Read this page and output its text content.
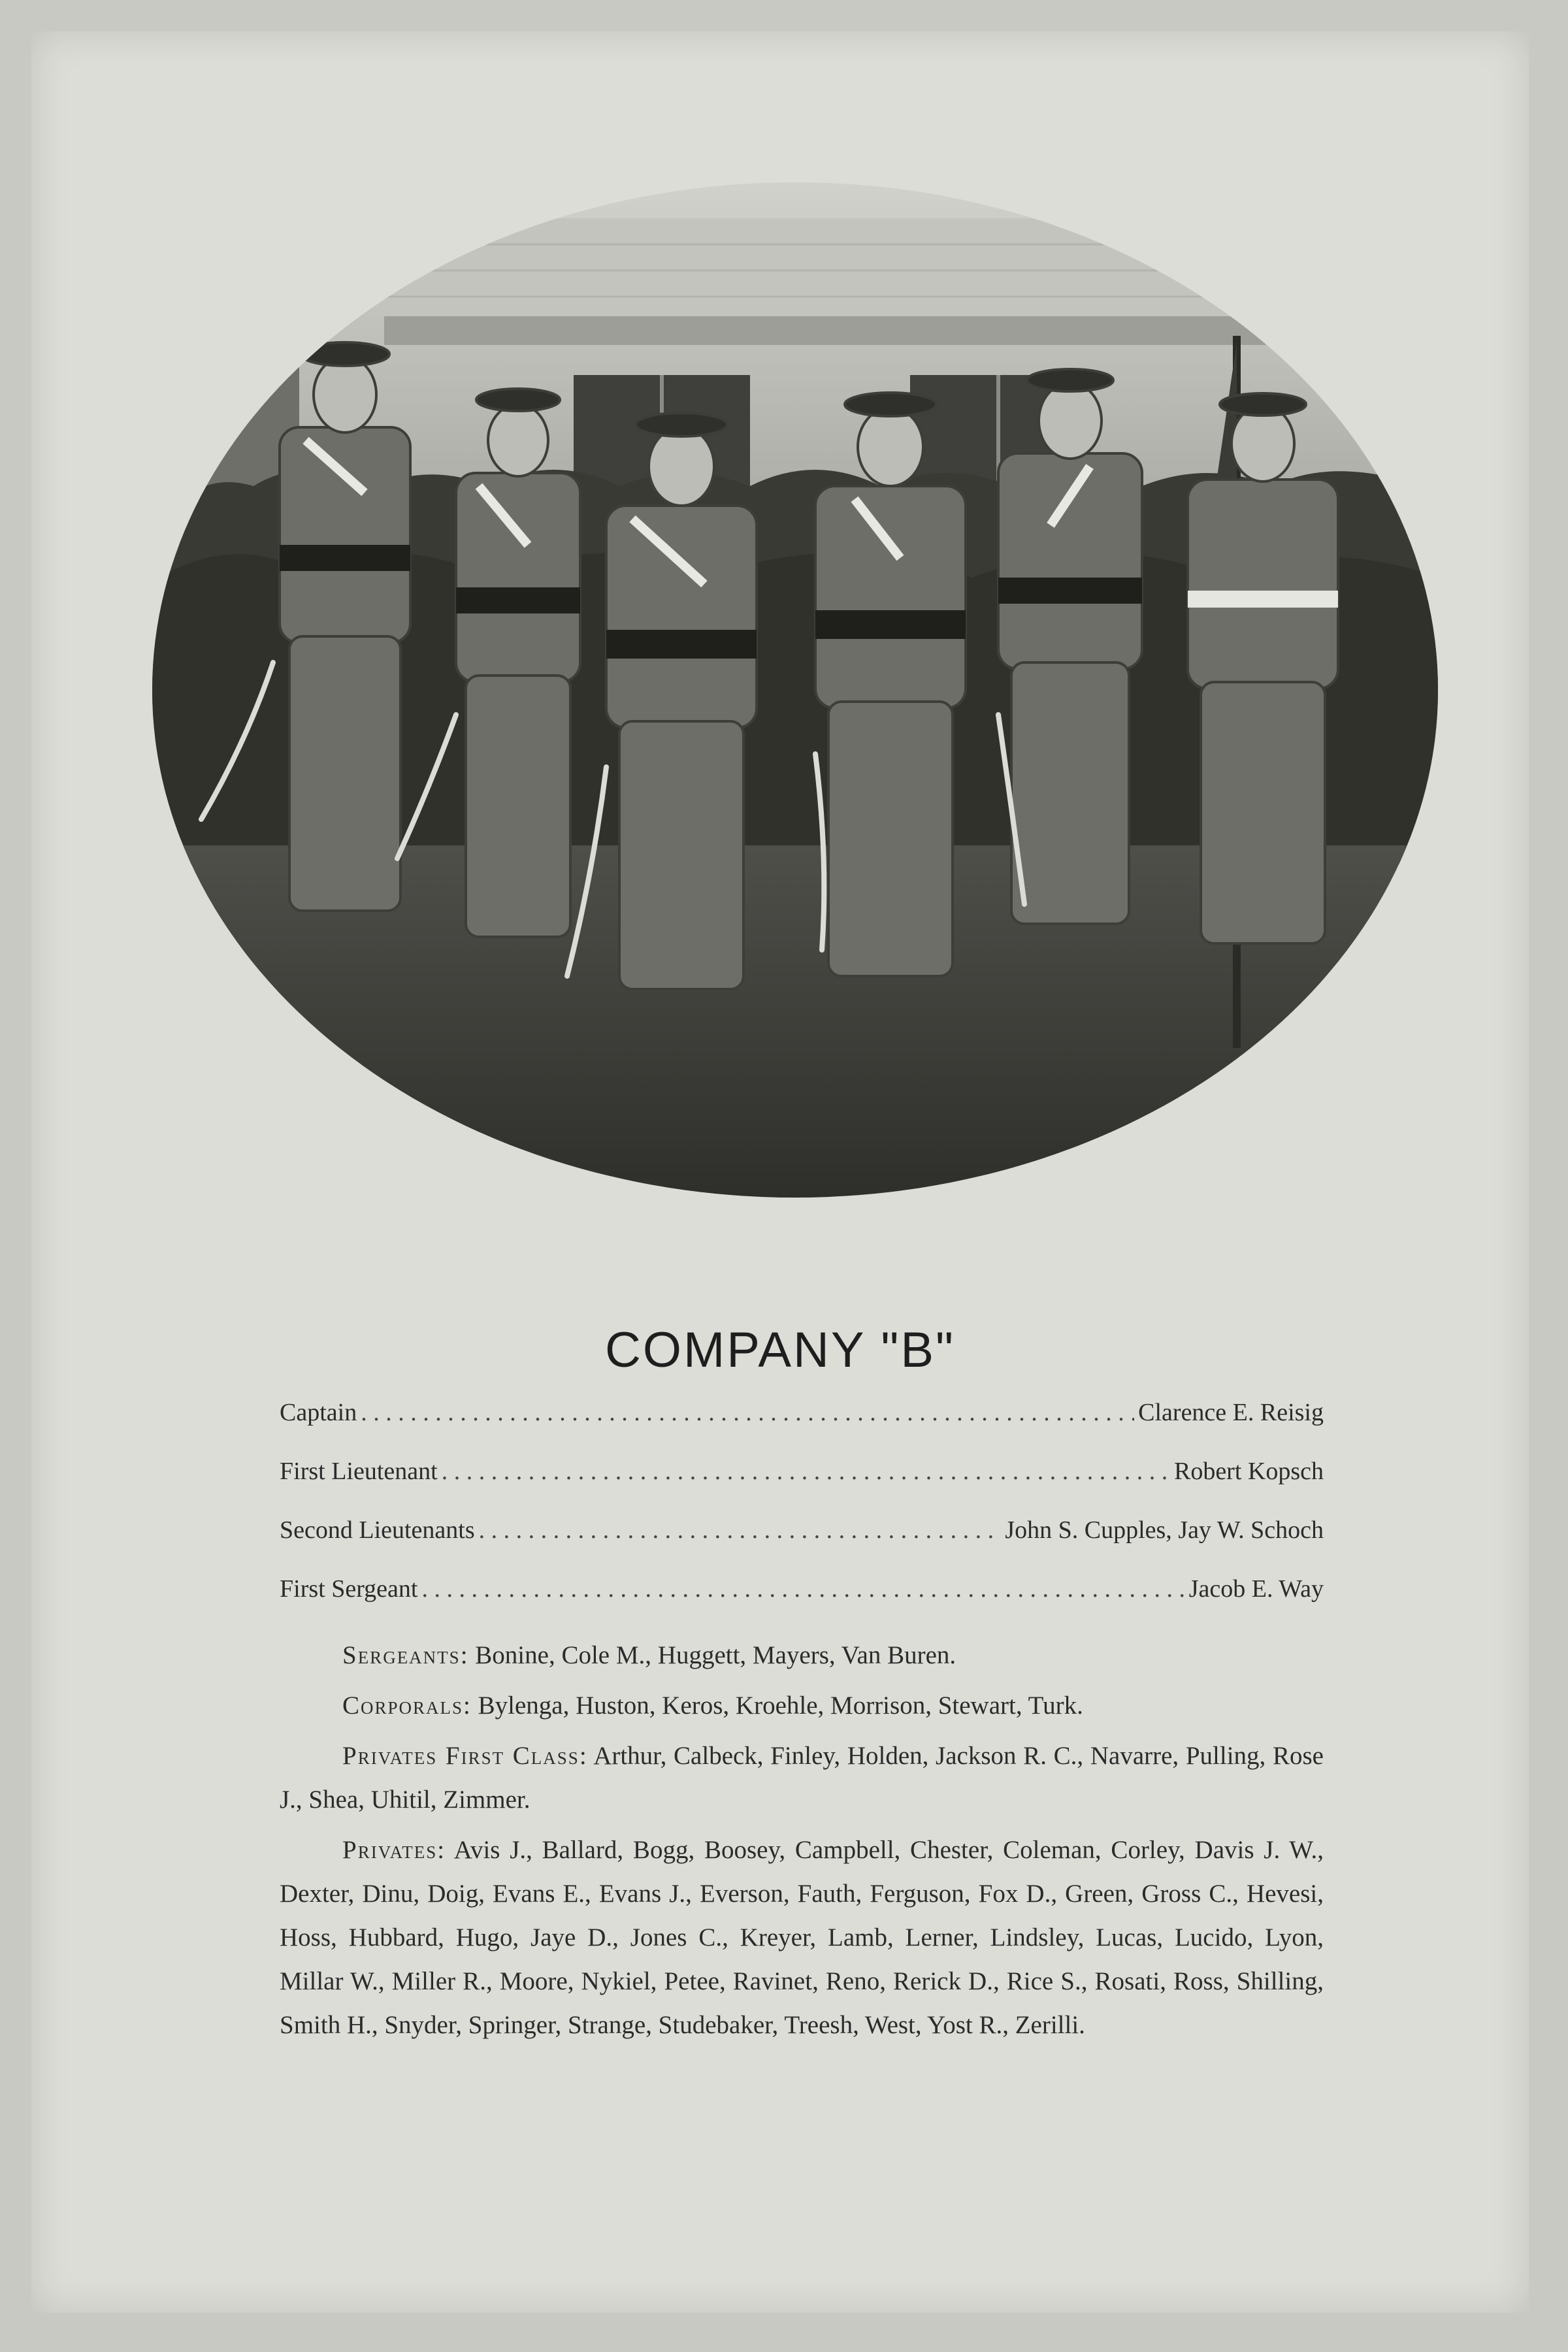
COMPANY "B"
Captain . . .	Clarence E. Reisig
First Lieutenant . . .	Robert Kopsch
Second Lieutenants . . .	John S. Cupples, Jay W. Schoch
First Sergeant . . .	Jacob E. Way

Sergeants: Bonine, Cole M., Huggett, Mayers, Van Buren.

Corporals: Bylenga, Huston, Keros, Kroehle, Morrison, Stewart, Turk.

Privates First Class: Arthur, Calbeck, Finley, Holden, Jackson R. C., Navarre, Pulling, Rose J., Shea, Uhitil, Zimmer.

Privates: Avis J., Ballard, Bogg, Boosey, Campbell, Chester, Coleman, Corley, Davis J. W., Dexter, Dinu, Doig, Evans E., Evans J., Everson, Fauth, Ferguson, Fox D., Green, Gross C., Hevesi, Hoss, Hubbard, Hugo, Jaye D., Jones C., Kreyer, Lamb, Lerner, Lindsley, Lucas, Lucido, Lyon, Millar W., Miller R., Moore, Nykiel, Petee, Ravinet, Reno, Rerick D., Rice S., Rosati, Ross, Shilling, Smith H., Snyder, Springer, Strange, Studebaker, Treesh, West, Yost R., Zerilli.
